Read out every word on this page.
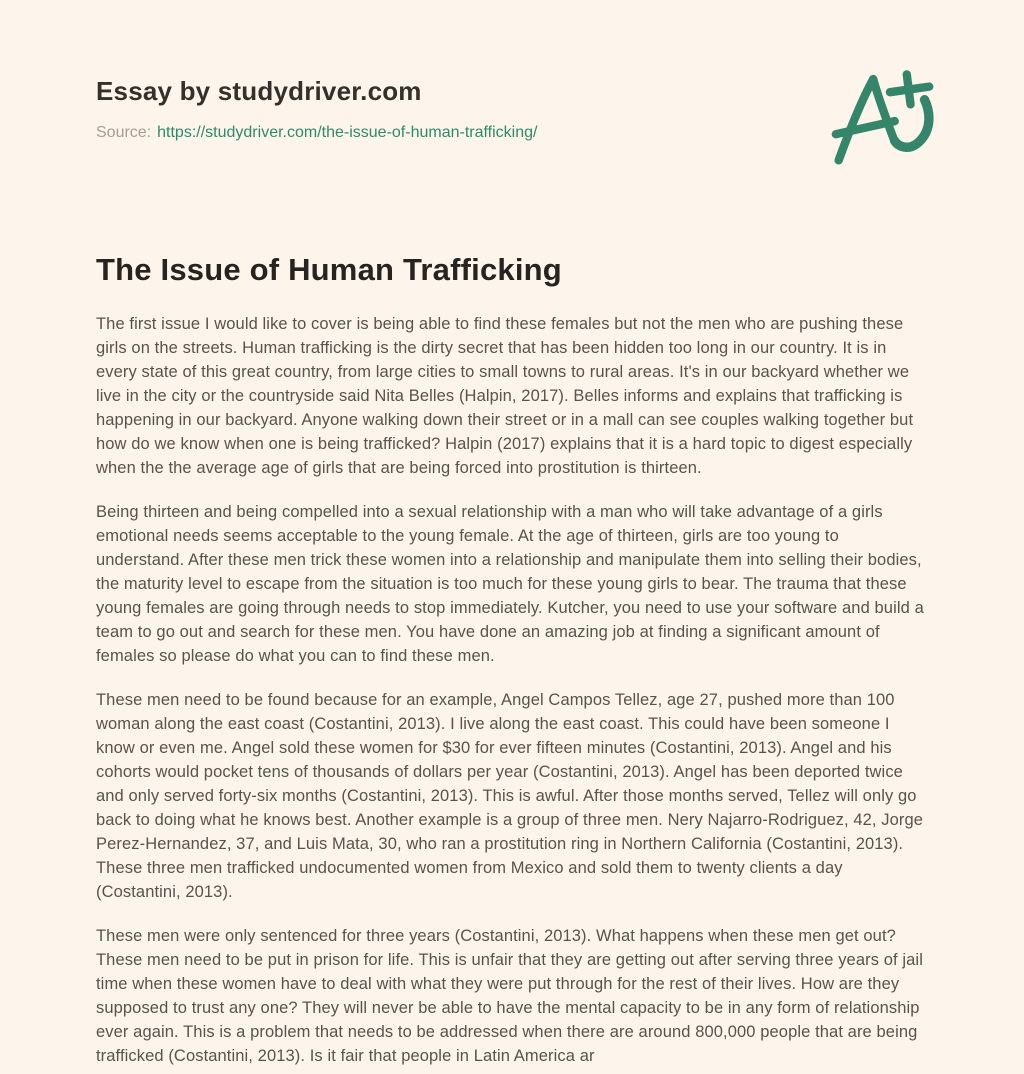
Essay by studydriver.com
Source: https://studydriver.com/the-issue-of-human-trafficking/
The Issue of Human Trafficking

The first issue I would like to cover is being able to find these females but not the men who are pushing these girls on the streets. Human trafficking is the dirty secret that has been hidden too long in our country. It is in every state of this great country, from large cities to small towns to rural areas. It's in our backyard whether we live in the city or the countryside said Nita Belles (Halpin, 2017). Belles informs and explains that trafficking is happening in our backyard. Anyone walking down their street or in a mall can see couples walking together but how do we know when one is being trafficked? Halpin (2017) explains that it is a hard topic to digest especially when the the average age of girls that are being forced into prostitution is thirteen.

Being thirteen and being compelled into a sexual relationship with a man who will take advantage of a girls emotional needs seems acceptable to the young female. At the age of thirteen, girls are too young to understand. After these men trick these women into a relationship and manipulate them into selling their bodies, the maturity level to escape from the situation is too much for these young girls to bear. The trauma that these young females are going through needs to stop immediately. Kutcher, you need to use your software and build a team to go out and search for these men. You have done an amazing job at finding a significant amount of females so please do what you can to find these men.

These men need to be found because for an example, Angel Campos Tellez, age 27, pushed more than 100 woman along the east coast (Costantini, 2013). I live along the east coast. This could have been someone I know or even me. Angel sold these women for $30 for ever fifteen minutes (Costantini, 2013). Angel and his cohorts would pocket tens of thousands of dollars per year (Costantini, 2013). Angel has been deported twice and only served forty-six months (Costantini, 2013). This is awful. After those months served, Tellez will only go back to doing what he knows best. Another example is a group of three men. Nery Najarro-Rodriguez, 42, Jorge Perez-Hernandez, 37, and Luis Mata, 30, who ran a prostitution ring in Northern California (Costantini, 2013). These three men trafficked undocumented women from Mexico and sold them to twenty clients a day (Costantini, 2013).

These men were only sentenced for three years (Costantini, 2013). What happens when these men get out? These men need to be put in prison for life. This is unfair that they are getting out after serving three years of jail time when these women have to deal with what they were put through for the rest of their lives. How are they supposed to trust any one? They will never be able to have the mental capacity to be in any form of relationship ever again. This is a problem that needs to be addressed when there are around 800,000 people that are being trafficked (Costantini, 2013). Is it fair that people in Latin America ar
